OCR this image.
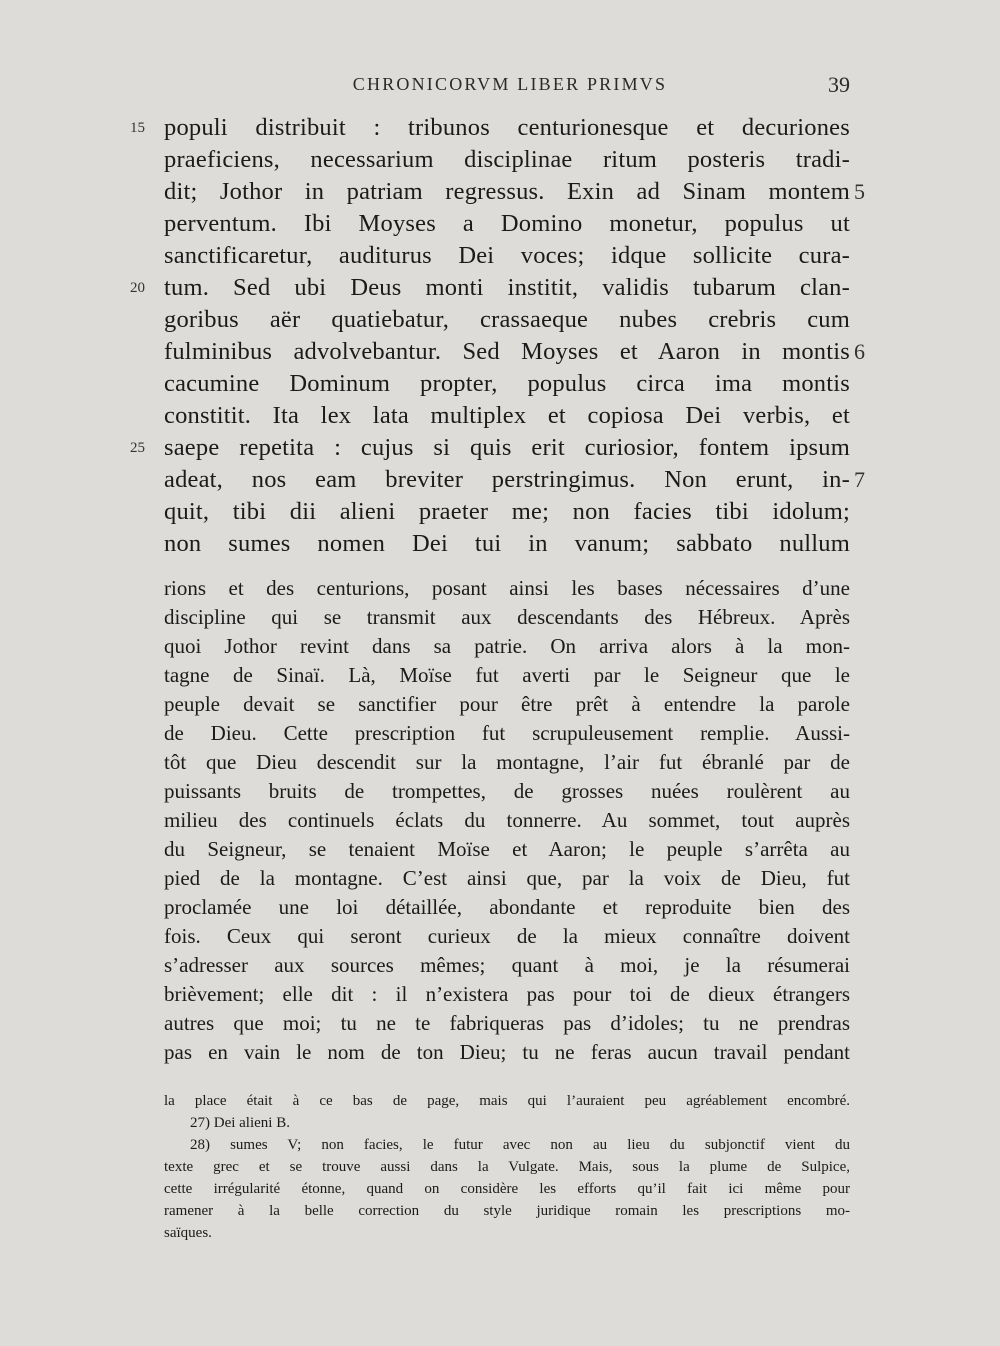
CHRONICORVM LIBER PRIMVS	39
15
20
25
populi distribuit : tribunos centurionesque et decuriones
praeficiens, necessarium disciplinae ritum posteris tradi-
dit; Jothor in patriam regressus. Exin ad Sinam montem
perventum. Ibi Moyses a Domino monetur, populus ut
sanctificaretur, auditurus Dei voces; idque sollicite cura-
tum. Sed ubi Deus monti institit, validis tubarum clan-
goribus aër quatiebatur, crassaeque nubes crebris cum
fulminibus advolvebantur. Sed Moyses et Aaron in montis
cacumine Dominum propter, populus circa ima montis
constitit. Ita lex lata multiplex et copiosa Dei verbis, et
saepe repetita : cujus si quis erit curiosior, fontem ipsum
adeat, nos eam breviter perstringimus. Non erunt, in-
quit, tibi dii alieni praeter me; non facies tibi idolum;
non sumes nomen Dei tui in vanum; sabbato nullum
5
6
7
rions et des centurions, posant ainsi les bases nécessaires d’une
discipline qui se transmit aux descendants des Hébreux. Après
quoi Jothor revint dans sa patrie. On arriva alors à la mon-
tagne de Sinaï. Là, Moïse fut averti par le Seigneur que le
peuple devait se sanctifier pour être prêt à entendre la parole
de Dieu. Cette prescription fut scrupuleusement remplie. Aussi-
tôt que Dieu descendit sur la montagne, l’air fut ébranlé par de
puissants bruits de trompettes, de grosses nuées roulèrent au
milieu des continuels éclats du tonnerre. Au sommet, tout auprès
du Seigneur, se tenaient Moïse et Aaron; le peuple s’arrêta au
pied de la montagne. C’est ainsi que, par la voix de Dieu, fut
proclamée une loi détaillée, abondante et reproduite bien des
fois. Ceux qui seront curieux de la mieux connaître doivent
s’adresser aux sources mêmes; quant à moi, je la résumerai
brièvement; elle dit : il n’existera pas pour toi de dieux étrangers
autres que moi; tu ne te fabriqueras pas d’idoles; tu ne prendras
pas en vain le nom de ton Dieu; tu ne feras aucun travail pendant
la place était à ce bas de page, mais qui l’auraient peu agréablement encombré.
27) Dei alieni B.
28) sumes V; non facies, le futur avec non au lieu du subjonctif vient du
texte grec et se trouve aussi dans la Vulgate. Mais, sous la plume de Sulpice,
cette irrégularité étonne, quand on considère les efforts qu’il fait ici même pour
ramener à la belle correction du style juridique romain les prescriptions mo-
saïques.
